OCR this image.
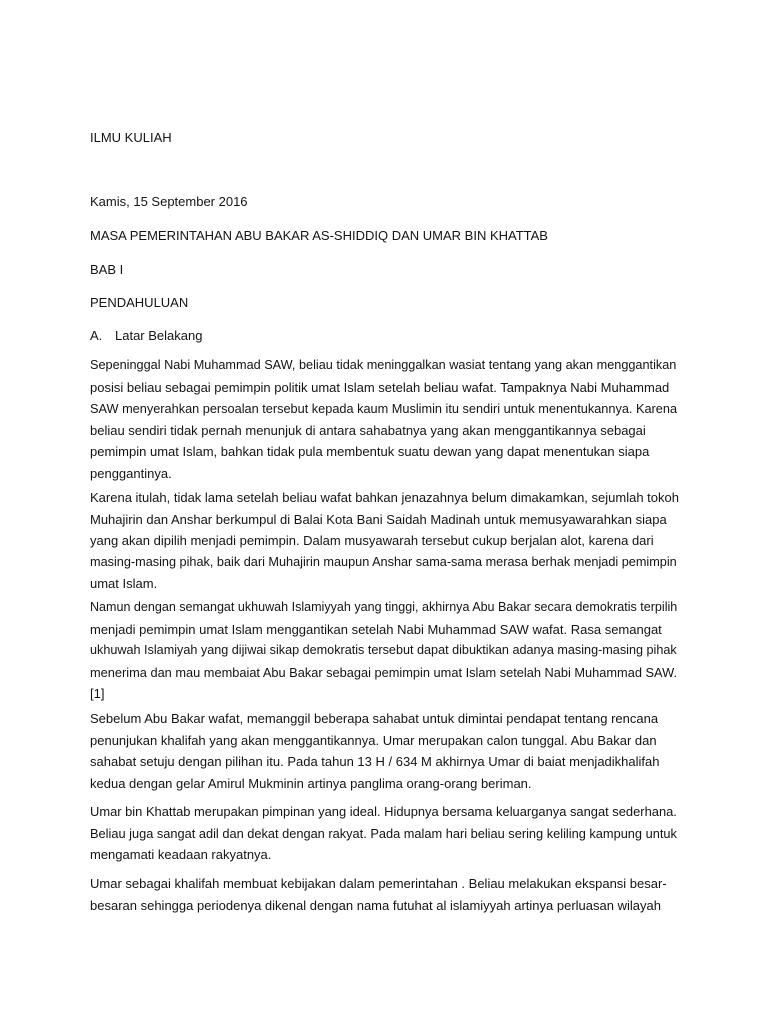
ILMU KULIAH
Kamis, 15 September 2016
MASA PEMERINTAHAN ABU BAKAR AS-SHIDDIQ DAN UMAR BIN KHATTAB
BAB I
PENDAHULUAN
A. Latar Belakang
Sepeninggal Nabi Muhammad SAW, beliau tidak meninggalkan wasiat tentang yang akan menggantikan
posisi beliau sebagai pemimpin politik umat Islam setelah beliau wafat. Tampaknya Nabi Muhammad
SAW menyerahkan persoalan tersebut kepada kaum Muslimin itu sendiri untuk menentukannya. Karena
beliau sendiri tidak pernah menunjuk di antara sahabatnya yang akan menggantikannya sebagai
pemimpin umat Islam, bahkan tidak pula membentuk suatu dewan yang dapat menentukan siapa
penggantinya.
Karena itulah, tidak lama setelah beliau wafat bahkan jenazahnya belum dimakamkan, sejumlah tokoh
Muhajirin dan Anshar berkumpul di Balai Kota Bani Saidah Madinah untuk memusyawarahkan siapa
yang akan dipilih menjadi pemimpin. Dalam musyawarah tersebut cukup berjalan alot, karena dari
masing-masing pihak, baik dari Muhajirin maupun Anshar sama-sama merasa berhak menjadi pemimpin
umat Islam.
Namun dengan semangat ukhuwah Islamiyyah yang tinggi, akhirnya Abu Bakar secara demokratis terpilih
menjadi pemimpin umat Islam menggantikan setelah Nabi Muhammad SAW wafat. Rasa semangat
ukhuwah Islamiyah yang dijiwai sikap demokratis tersebut dapat dibuktikan adanya masing-masing pihak
menerima dan mau membaiat Abu Bakar sebagai pemimpin umat Islam setelah Nabi Muhammad SAW.
[1]
Sebelum Abu Bakar wafat, memanggil beberapa sahabat untuk dimintai pendapat tentang rencana
penunjukan khalifah yang akan menggantikannya. Umar merupakan calon tunggal. Abu Bakar dan
sahabat setuju dengan pilihan itu. Pada tahun 13 H / 634 M akhirnya Umar di baiat menjadikhalifah
kedua dengan gelar Amirul Mukminin artinya panglima orang-orang beriman.
Umar bin Khattab merupakan pimpinan yang ideal. Hidupnya bersama keluarganya sangat sederhana.
Beliau juga sangat adil dan dekat dengan rakyat. Pada malam hari beliau sering keliling kampung untuk
mengamati keadaan rakyatnya.
Umar sebagai khalifah membuat kebijakan dalam pemerintahan . Beliau melakukan ekspansi besar-
besaran sehingga periodenya dikenal dengan nama futuhat al islamiyyah artinya perluasan wilayah
